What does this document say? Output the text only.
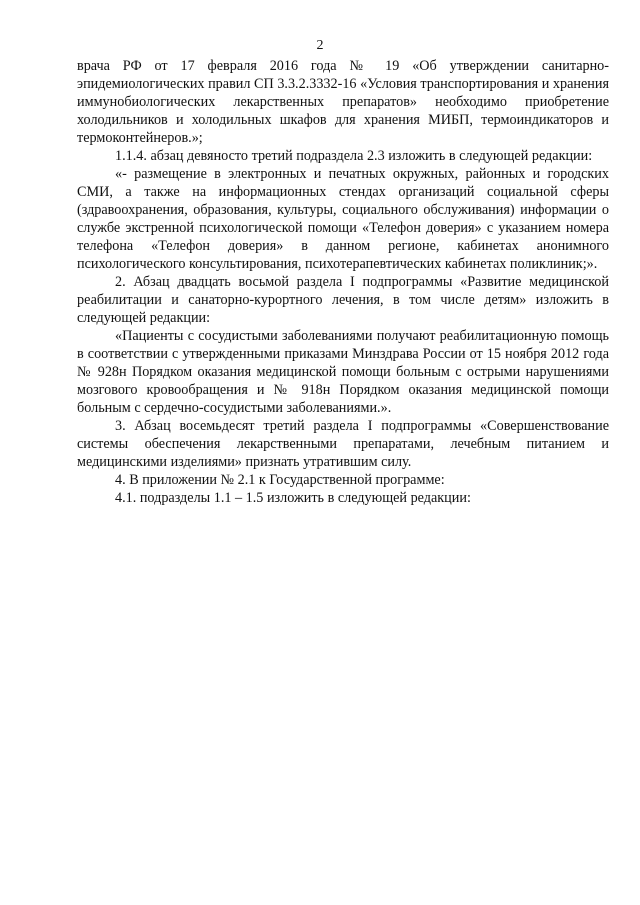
2

врача РФ от 17 февраля 2016 года № 19 «Об утверждении санитарно-эпидемиологических правил СП 3.3.2.3332-16 «Условия транспортирования и хранения иммунобиологических лекарственных препаратов» необходимо приобретение холодильников и холодильных шкафов для хранения МИБП, термоиндикаторов и термоконтейнеров.»;

1.1.4. абзац девяносто третий подраздела 2.3 изложить в следующей редакции:

«- размещение в электронных и печатных окружных, районных и городских СМИ, а также на информационных стендах организаций социальной сферы (здравоохранения, образования, культуры, социального обслуживания) информации о службе экстренной психологической помощи «Телефон доверия» с указанием номера телефона «Телефон доверия» в данном регионе, кабинетах анонимного психологического консультирования, психотерапевтических кабинетах поликлиник;».

2. Абзац двадцать восьмой раздела I подпрограммы «Развитие медицинской реабилитации и санаторно-курортного лечения, в том числе детям» изложить в следующей редакции:

«Пациенты с сосудистыми заболеваниями получают реабилитационную помощь в соответствии с утвержденными приказами Минздрава России от 15 ноября 2012 года № 928н Порядком оказания медицинской помощи больным с острыми нарушениями мозгового кровообращения и № 918н Порядком оказания медицинской помощи больным с сердечно-сосудистыми заболеваниями.».

3. Абзац восемьдесят третий раздела I подпрограммы «Совершенствование системы обеспечения лекарственными препаратами, лечебным питанием и медицинскими изделиями» признать утратившим силу.

4. В приложении № 2.1 к Государственной программе:

4.1. подразделы 1.1 – 1.5 изложить в следующей редакции:
